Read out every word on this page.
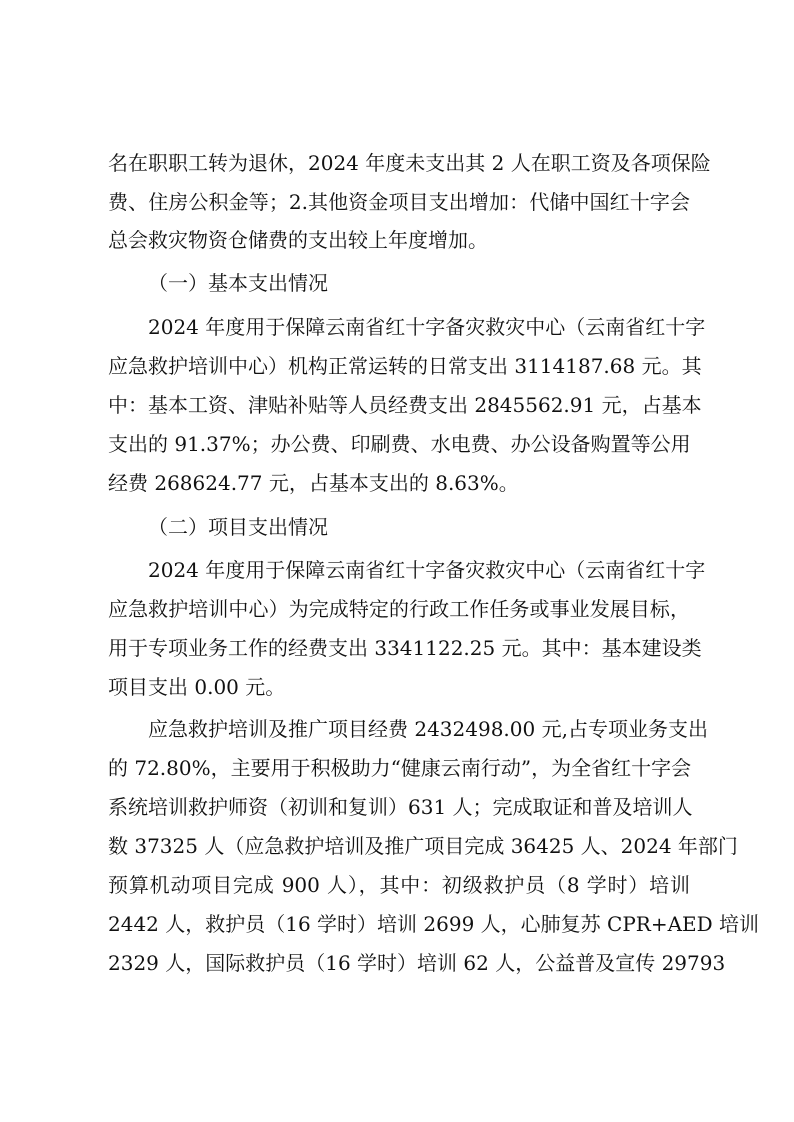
名在职职工转为退休，2024 年度未支出其 2 人在职工资及各项保险
费、住房公积金等；2.其他资金项目支出增加：代储中国红十字会
总会救灾物资仓储费的支出较上年度增加。
（一）基本支出情况
2024 年度用于保障云南省红十字备灾救灾中心（云南省红十字
应急救护培训中心）机构正常运转的日常支出 3114187.68 元。其
中：基本工资、津贴补贴等人员经费支出 2845562.91 元，占基本
支出的 91.37%；办公费、印刷费、水电费、办公设备购置等公用
经费 268624.77 元，占基本支出的 8.63%。
（二）项目支出情况
2024 年度用于保障云南省红十字备灾救灾中心（云南省红十字
应急救护培训中心）为完成特定的行政工作任务或事业发展目标，
用于专项业务工作的经费支出 3341122.25 元。其中：基本建设类
项目支出 0.00 元。
应急救护培训及推广项目经费 2432498.00 元,占专项业务支出
的 72.80%，主要用于积极助力“健康云南行动”，为全省红十字会
系统培训救护师资（初训和复训）631 人；完成取证和普及培训人
数 37325 人（应急救护培训及推广项目完成 36425 人、2024 年部门
预算机动项目完成 900 人），其中：初级救护员（8 学时）培训
2442 人，救护员（16 学时）培训 2699 人，心肺复苏 CPR+AED 培训
2329 人，国际救护员（16 学时）培训 62 人，公益普及宣传 29793
